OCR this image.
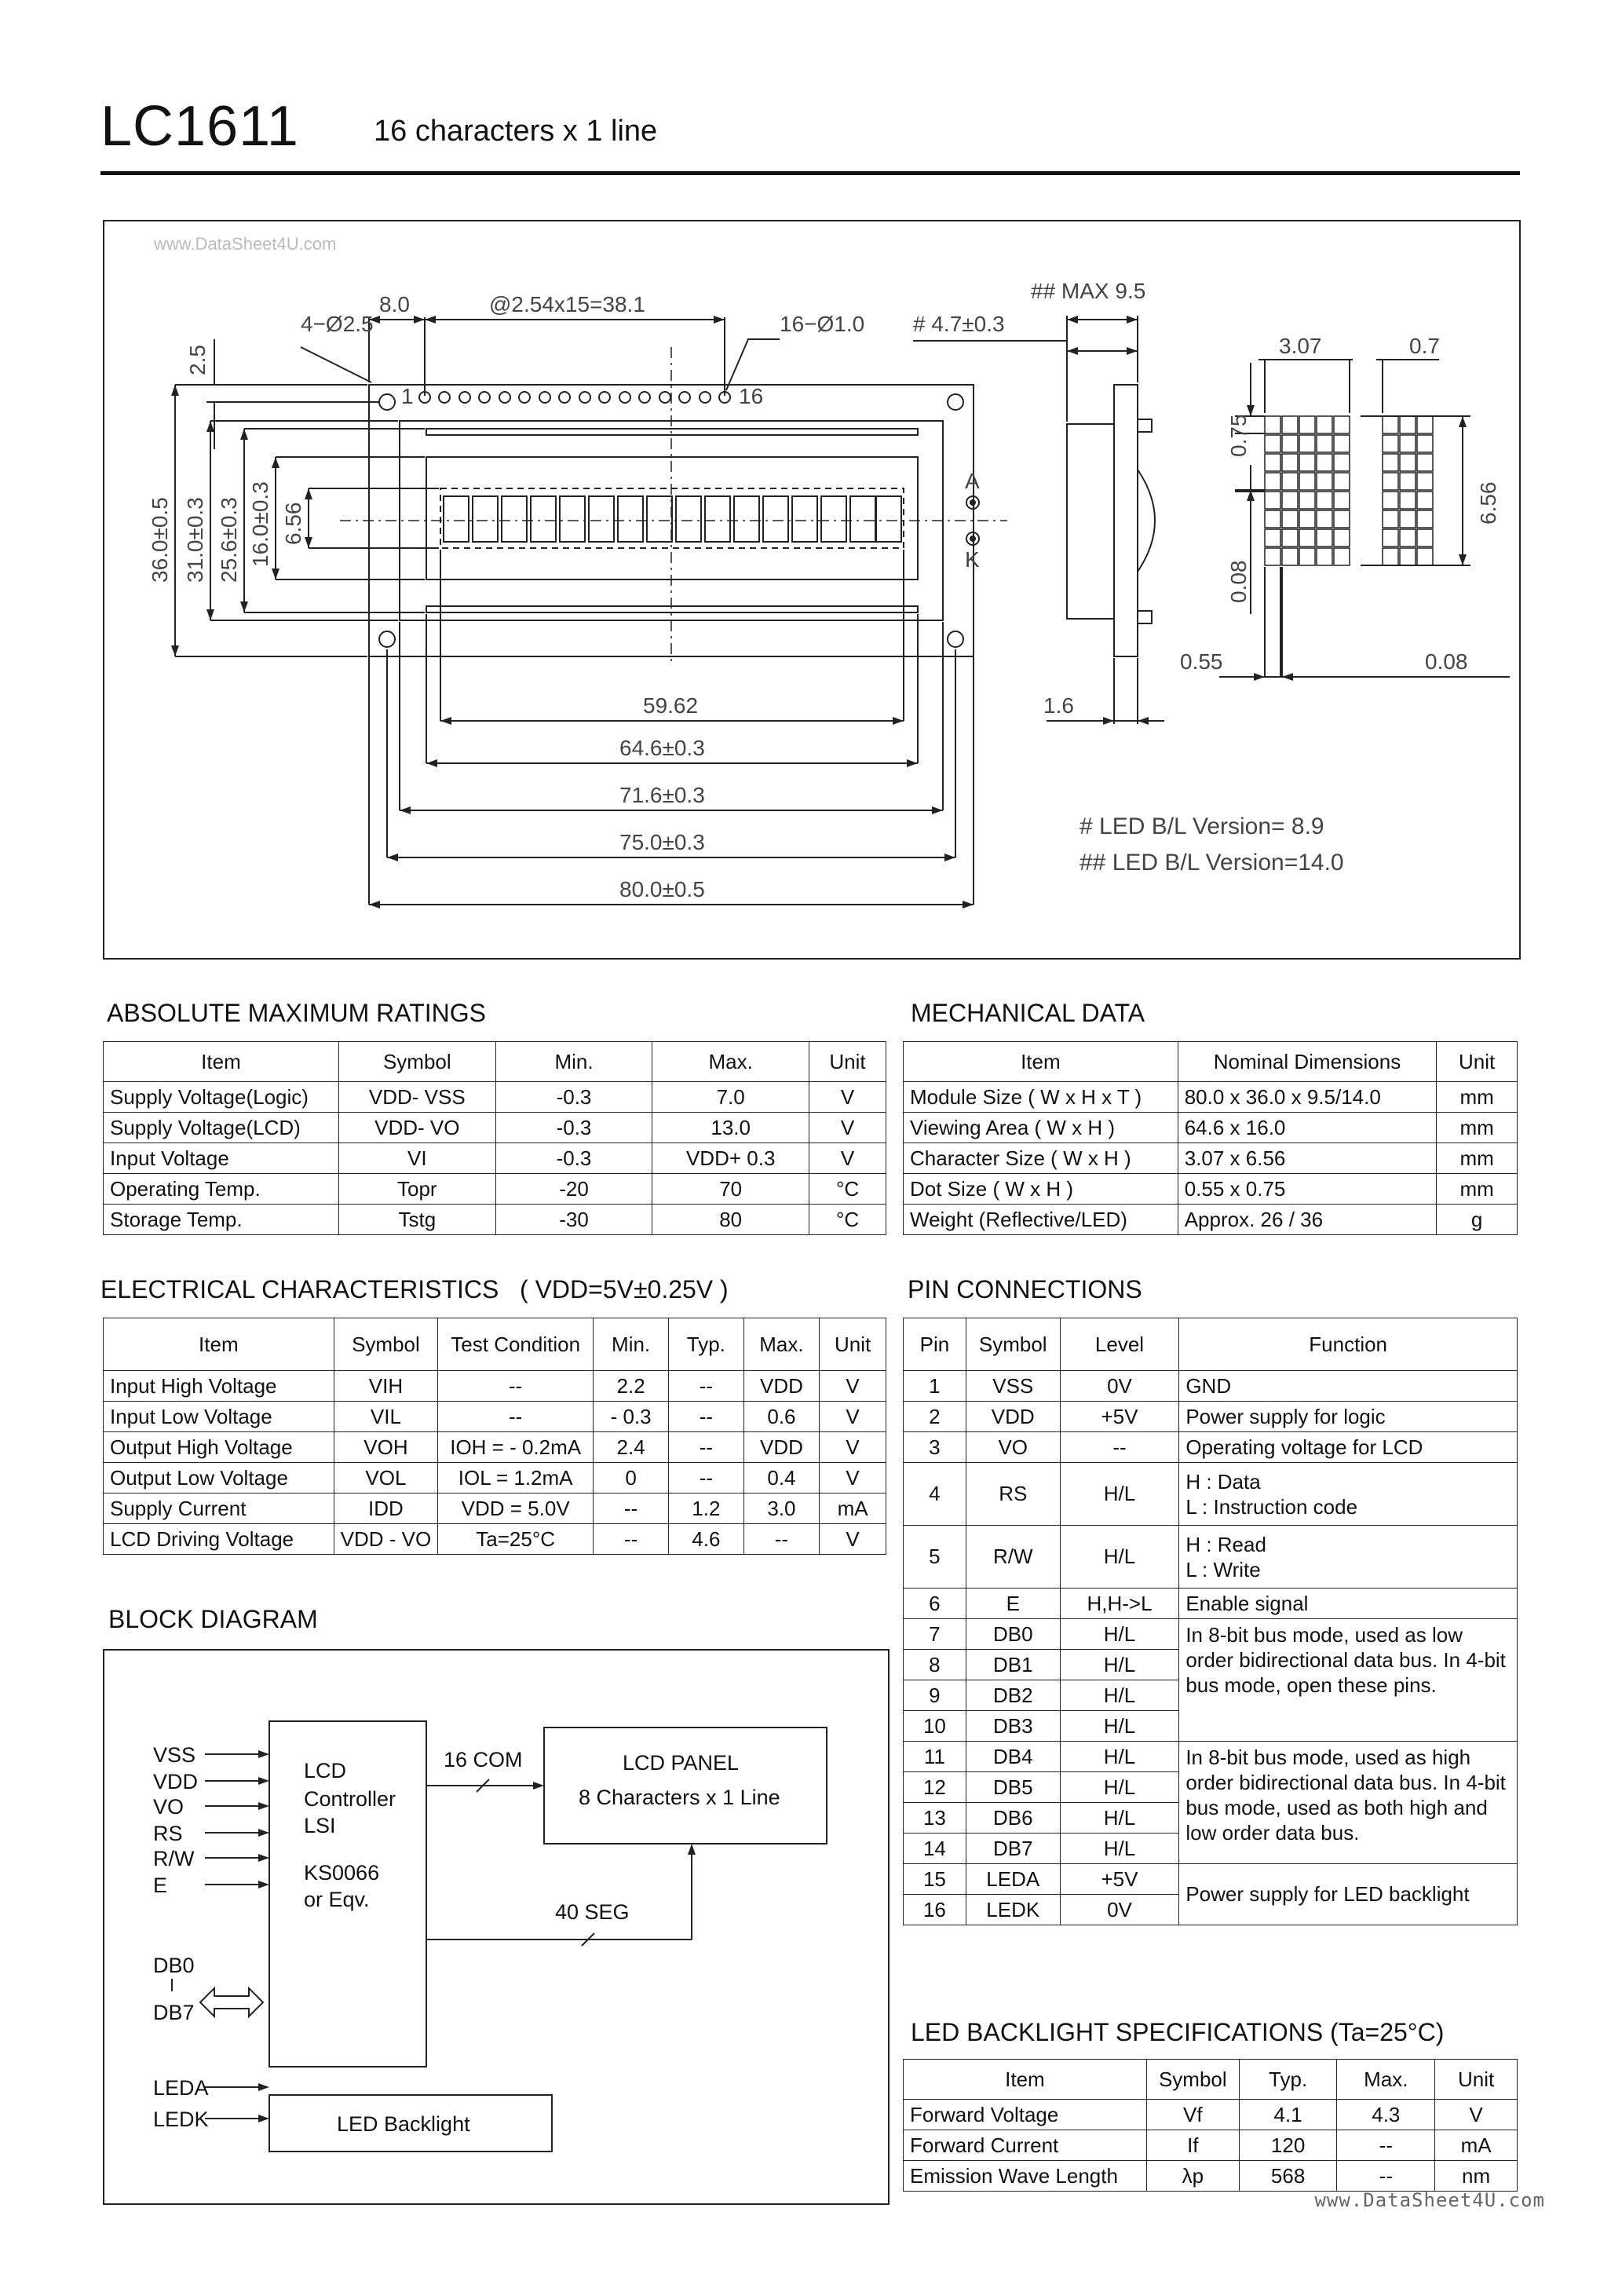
LC1611	16 characters x 1 line
www.DataSheet4U.com
4−Ø2.5
8.0	@2.54x15=38.1
16−Ø1.0
1	16
A
K
59.62
64.6±0.3
71.6±0.3
75.0±0.3
80.0±0.5
## MAX 9.5
# 4.7±0.3
1.6
3.07	0.7
0.55	0.08
# LED B/L Version= 8.9
## LED B/L Version=14.0
2.5
36.0±0.5 31.0±0.3 25.6±0.3 16.0±0.3 6.56
0.75
0.08
6.56
ABSOLUTE MAXIMUM RATINGS
Item	Symbol	Min.	Max.	Unit
Supply Voltage(Logic)	VDD- VSS	-0.3	7.0	V
Supply Voltage(LCD)	VDD- VO	-0.3	13.0	V
Input Voltage	VI	-0.3	VDD+ 0.3	V
Operating Temp.	Topr	-20	70	°C
Storage Temp.	Tstg	-30	80	°C
MECHANICAL DATA
Item	Nominal Dimensions	Unit
Module Size ( W x H x T )	80.0 x 36.0 x 9.5/14.0	mm
Viewing Area ( W x H )	64.6 x 16.0	mm
Character Size ( W x H )	3.07 x 6.56	mm
Dot Size ( W x H )	0.55 x 0.75	mm
Weight (Reflective/LED)	Approx. 26 / 36	g
ELECTRICAL CHARACTERISTICS ( VDD=5V±0.25V )
Item	Symbol	Test Condition	Min.	Typ.	Max.	Unit
Input High Voltage	VIH	--	2.2	--	VDD	V
Input Low Voltage	VIL	--	- 0.3	--	0.6	V
Output High Voltage	VOH	IOH = - 0.2mA	2.4	--	VDD	V
Output Low Voltage	VOL	IOL = 1.2mA	0	--	0.4	V
Supply Current	IDD	VDD = 5.0V	--	1.2	3.0	mA
LCD Driving Voltage	VDD - VO	Ta=25°C	--	4.6	--	V
PIN CONNECTIONS
Pin	Symbol	Level	Function
1	VSS	0V	GND
2	VDD	+5V	Power supply for logic
3	VO	--	Operating voltage for LCD
4	RS	H/L	H : Data
L : Instruction code

5	R/W	H/L	H : Read
L : Write

6	E	H,H->L	Enable signal
7	DB0	H/L	In 8-bit bus mode, used as low order bidirectional data bus. In 4-bit bus mode, open these pins.
8	DB1	H/L	
9	DB2	H/L	
10	DB3	H/L	
11	DB4	H/L	In 8-bit bus mode, used as high order bidirectional data bus. In 4-bit bus mode, used as both high and low order data bus.
12	DB5	H/L	
13	DB6	H/L	
14	DB7	H/L	
15	LEDA	+5V	Power supply for LED backlight
16	LEDK	0V	
BLOCK DIAGRAM
VSS
VDD
VO
RS
R/W
E
DB0
DB7
LCD
Controller
LSI
KS0066
or Eqv.
16 COM
40 SEG
LCD PANEL
8 Characters x 1 Line
LEDA
LEDK	LED Backlight
LED BACKLIGHT SPECIFICATIONS (Ta=25°C)
Item	Symbol	Typ.	Max.	Unit
Forward Voltage	Vf	4.1	4.3	V
Forward Current	If	120	--	mA
Emission Wave Length	λp	568	--	nm
www.DataSheet4U.com
